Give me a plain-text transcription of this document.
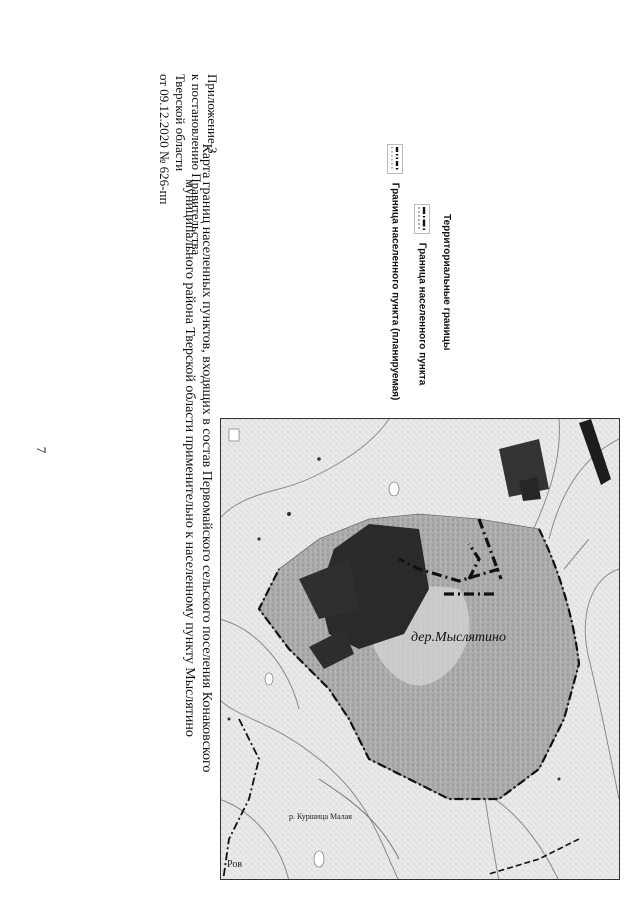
7
Приложение 3
к постановлению Правительства
Тверской области
от 09.12.2020 № 626-пп
Карта границ населенных пунктов, входящих в состав Первомайского сельского поселения Конаковского
муниципального района Тверской области применительно к населенному пункту Мыслятино	Территориальные границы
Граница населенного пункта
Граница населенного пункта (планируемая)
дер.Мыслятино
р. Куршица Малая
Ров
